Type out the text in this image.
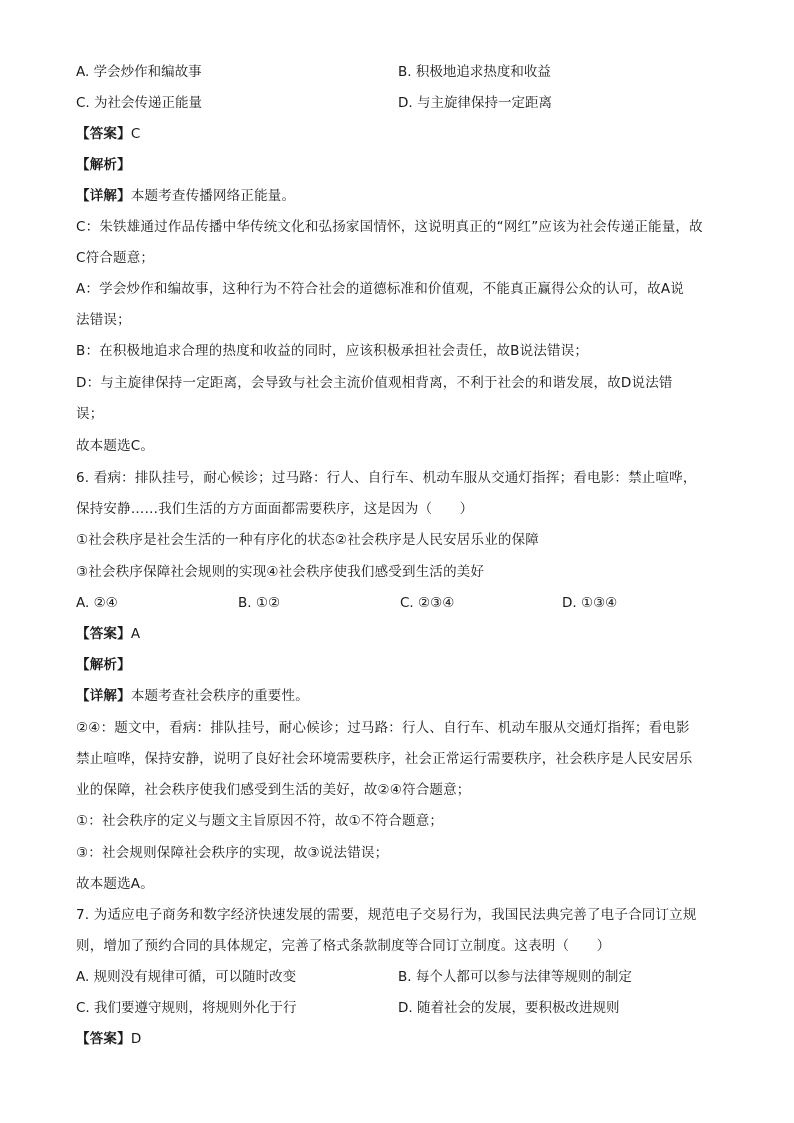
A. 学会炒作和编故事	B. 积极地追求热度和收益
C. 为社会传递正能量	D. 与主旋律保持一定距离
【答案】C
【解析】
【详解】本题考查传播网络正能量。
C：朱铁雄通过作品传播中华传统文化和弘扬家国情怀，这说明真正的“网红”应该为社会传递正能量，故
C符合题意；
A：学会炒作和编故事，这种行为不符合社会的道德标准和价值观，不能真正赢得公众的认可，故A说
法错误；
B：在积极地追求合理的热度和收益的同时，应该积极承担社会责任，故B说法错误；
D：与主旋律保持一定距离，会导致与社会主流价值观相背离，不利于社会的和谐发展，故D说法错
误；
故本题选C。
6. 看病：排队挂号，耐心候诊；过马路：行人、自行车、机动车服从交通灯指挥；看电影：禁止喧哗，
保持安静……我们生活的方方面面都需要秩序，这是因为（　　）
①社会秩序是社会生活的一种有序化的状态②社会秩序是人民安居乐业的保障
③社会秩序保障社会规则的实现④社会秩序使我们感受到生活的美好
A. ②④	B. ①②	C. ②③④	D. ①③④
【答案】A
【解析】
【详解】本题考查社会秩序的重要性。
②④：题文中，看病：排队挂号，耐心候诊；过马路：行人、自行车、机动车服从交通灯指挥；看电影
禁止喧哗，保持安静，说明了良好社会环境需要秩序，社会正常运行需要秩序，社会秩序是人民安居乐
业的保障，社会秩序使我们感受到生活的美好，故②④符合题意；
①：社会秩序的定义与题文主旨原因不符，故①不符合题意；
③：社会规则保障社会秩序的实现，故③说法错误；
故本题选A。
7. 为适应电子商务和数字经济快速发展的需要，规范电子交易行为，我国民法典完善了电子合同订立规
则，增加了预约合同的具体规定，完善了格式条款制度等合同订立制度。这表明（　　）
A. 规则没有规律可循，可以随时改变	B. 每个人都可以参与法律等规则的制定
C. 我们要遵守规则，将规则外化于行	D. 随着社会的发展，要积极改进规则
【答案】D
